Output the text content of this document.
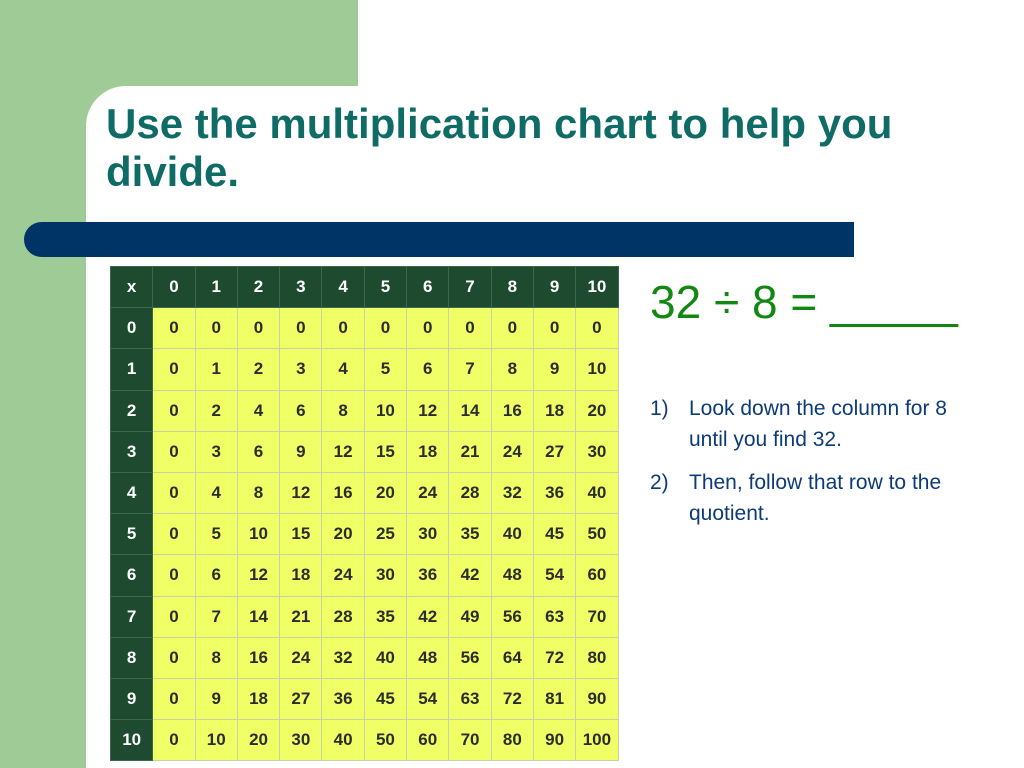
Use the multiplication chart to help you divide.
x	0	1	2	3	4	5	6	7	8	9	10
0	0	0	0	0	0	0	0	0	0	0	0
1	0	1	2	3	4	5	6	7	8	9	10
2	0	2	4	6	8	10	12	14	16	18	20
3	0	3	6	9	12	15	18	21	24	27	30
4	0	4	8	12	16	20	24	28	32	36	40
5	0	5	10	15	20	25	30	35	40	45	50
6	0	6	12	18	24	30	36	42	48	54	60
7	0	7	14	21	28	35	42	49	56	63	70
8	0	8	16	24	32	40	48	56	64	72	80
9	0	9	18	27	36	45	54	63	72	81	90
10	0	10	20	30	40	50	60	70	80	90	100

32 ÷ 8 = _____

1) Look down the column for 8 until you find 32.
2) Then, follow that row to the quotient.
